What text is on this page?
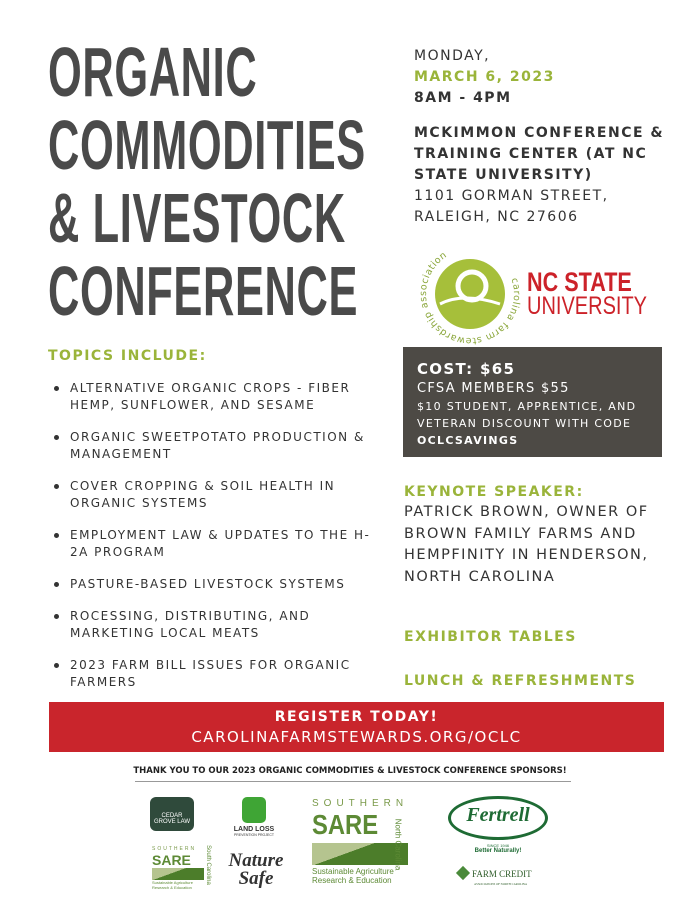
ORGANIC
COMMODITIES
& LIVESTOCK
CONFERENCE
MONDAY,
MARCH 6, 2023
8AM - 4PM
MCKIMMON CONFERENCE &
TRAINING CENTER (AT NC
STATE UNIVERSITY)
1101 GORMAN STREET,
RALEIGH, NC 27606
carolina farm stewardship association
NC STATE
UNIVERSITY
TOPICS INCLUDE:
ALTERNATIVE ORGANIC CROPS - FIBER HEMP, SUNFLOWER, AND SESAME
ORGANIC SWEETPOTATO PRODUCTION & MANAGEMENT
COVER CROPPING & SOIL HEALTH IN ORGANIC SYSTEMS
EMPLOYMENT LAW & UPDATES TO THE H-2A PROGRAM
PASTURE-BASED LIVESTOCK SYSTEMS
ROCESSING, DISTRIBUTING, AND MARKETING LOCAL MEATS
2023 FARM BILL ISSUES FOR ORGANIC FARMERS
COST: $65
CFSA MEMBERS $55
$10 STUDENT, APPRENTICE, AND VETERAN DISCOUNT WITH CODE
OCLCSAVINGS
KEYNOTE SPEAKER:

PATRICK BROWN, OWNER OF BROWN FAMILY FARMS AND HEMPFINITY IN HENDERSON, NORTH CAROLINA

EXHIBITOR TABLES
LUNCH & REFRESHMENTS
REGISTER TODAY!
CAROLINAFARMSTEWARDS.ORG/OCLC
THANK YOU TO OUR 2023 ORGANIC COMMODITIES & LIVESTOCK CONFERENCE SPONSORS!
CEDAR GROVE LAW
LAND LOSS
PREVENTION PROJECT
SOUTHERN
SARE
Sustainable Agriculture
Research & Education
North Carolina
SOUTHERN
SARE
Sustainable Agriculture
Research & Education
South Carolina Nature
Safe
Fertrell
SINCE 1946
Better Naturally!
FARM CREDIT
ASSOCIATIONS OF NORTH CAROLINA
